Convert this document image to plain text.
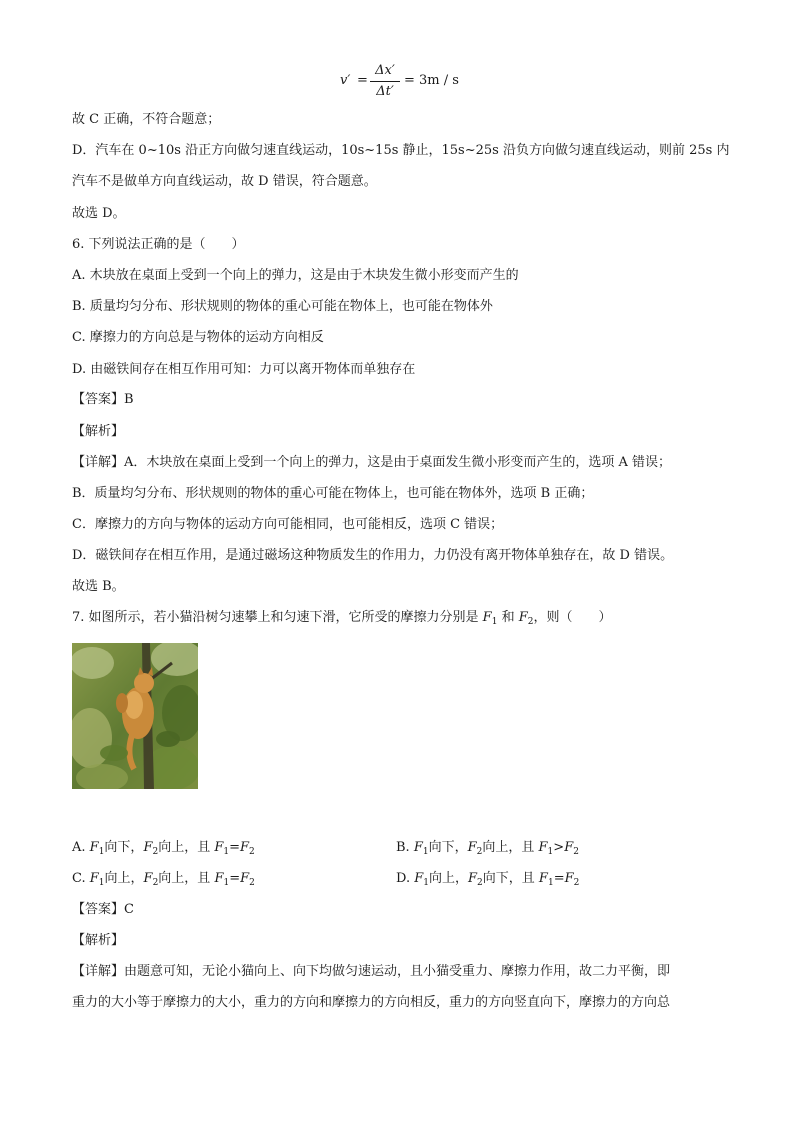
v′ =
Δx′
Δt′
= 3m / s
故 C 正确，不符合题意；
D．汽车在 0~10s 沿正方向做匀速直线运动，10s~15s 静止，15s~25s 沿负方向做匀速直线运动，则前 25s 内
汽车不是做单方向直线运动，故 D 错误，符合题意。
故选 D。
6. 下列说法正确的是（　　）
A. 木块放在桌面上受到一个向上的弹力，这是由于木块发生微小形变而产生的
B. 质量均匀分布、形状规则的物体的重心可能在物体上，也可能在物体外
C. 摩擦力的方向总是与物体的运动方向相反
D. 由磁铁间存在相互作用可知：力可以离开物体而单独存在
【答案】B
【解析】
【详解】A．木块放在桌面上受到一个向上的弹力，这是由于桌面发生微小形变而产生的，选项 A 错误；
B．质量均匀分布、形状规则的物体的重心可能在物体上，也可能在物体外，选项 B 正确；
C．摩擦力的方向与物体的运动方向可能相同，也可能相反，选项 C 错误；
D．磁铁间存在相互作用，是通过磁场这种物质发生的作用力，力仍没有离开物体单独存在，故 D 错误。
故选 B。
7. 如图所示，若小猫沿树匀速攀上和匀速下滑，它所受的摩擦力分别是 $F_1$ 和 $F_2$，则（　　）
A. $F_1$向下，$F_2$向上，且 $F_1=F_2$	B. $F_1$向下，$F_2$向上，且 $F_1>F_2$
C. $F_1$向上，$F_2$向上，且 $F_1=F_2$	D. $F_1$向上，$F_2$向下，且 $F_1=F_2$
【答案】C
【解析】
【详解】由题意可知，无论小猫向上、向下均做匀速运动，且小猫受重力、摩擦力作用，故二力平衡，即
重力的大小等于摩擦力的大小，重力的方向和摩擦力的方向相反，重力的方向竖直向下，摩擦力的方向总
